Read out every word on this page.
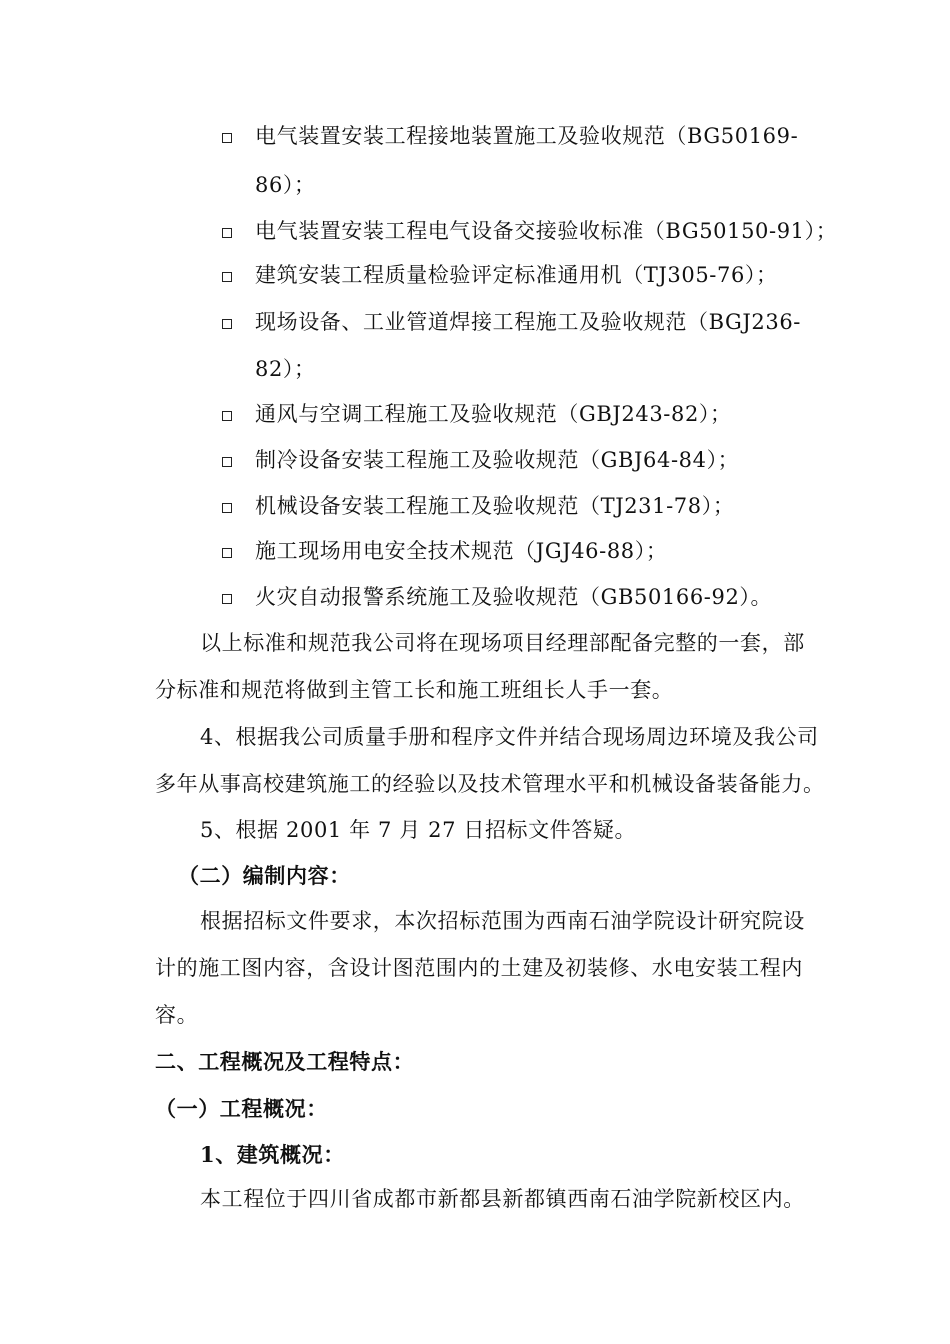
电气装置安装工程接地装置施工及验收规范（BG50169-
86）；
电气装置安装工程电气设备交接验收标准（BG50150-91）；
建筑安装工程质量检验评定标准通用机（TJ305-76）；
现场设备、工业管道焊接工程施工及验收规范（BGJ236-
82）；
通风与空调工程施工及验收规范（GBJ243-82）；
制冷设备安装工程施工及验收规范（GBJ64-84）；
机械设备安装工程施工及验收规范（TJ231-78）；
施工现场用电安全技术规范（JGJ46-88）；
火灾自动报警系统施工及验收规范（GB50166-92）。
以上标准和规范我公司将在现场项目经理部配备完整的一套，部
分标准和规范将做到主管工长和施工班组长人手一套。
4、根据我公司质量手册和程序文件并结合现场周边环境及我公司
多年从事高校建筑施工的经验以及技术管理水平和机械设备装备能力。
5、根据 2001 年 7 月 27 日招标文件答疑。
（二）编制内容：
根据招标文件要求，本次招标范围为西南石油学院设计研究院设
计的施工图内容，含设计图范围内的土建及初装修、水电安装工程内
容。
二、工程概况及工程特点：
（一）工程概况：
1、建筑概况：
本工程位于四川省成都市新都县新都镇西南石油学院新校区内。
